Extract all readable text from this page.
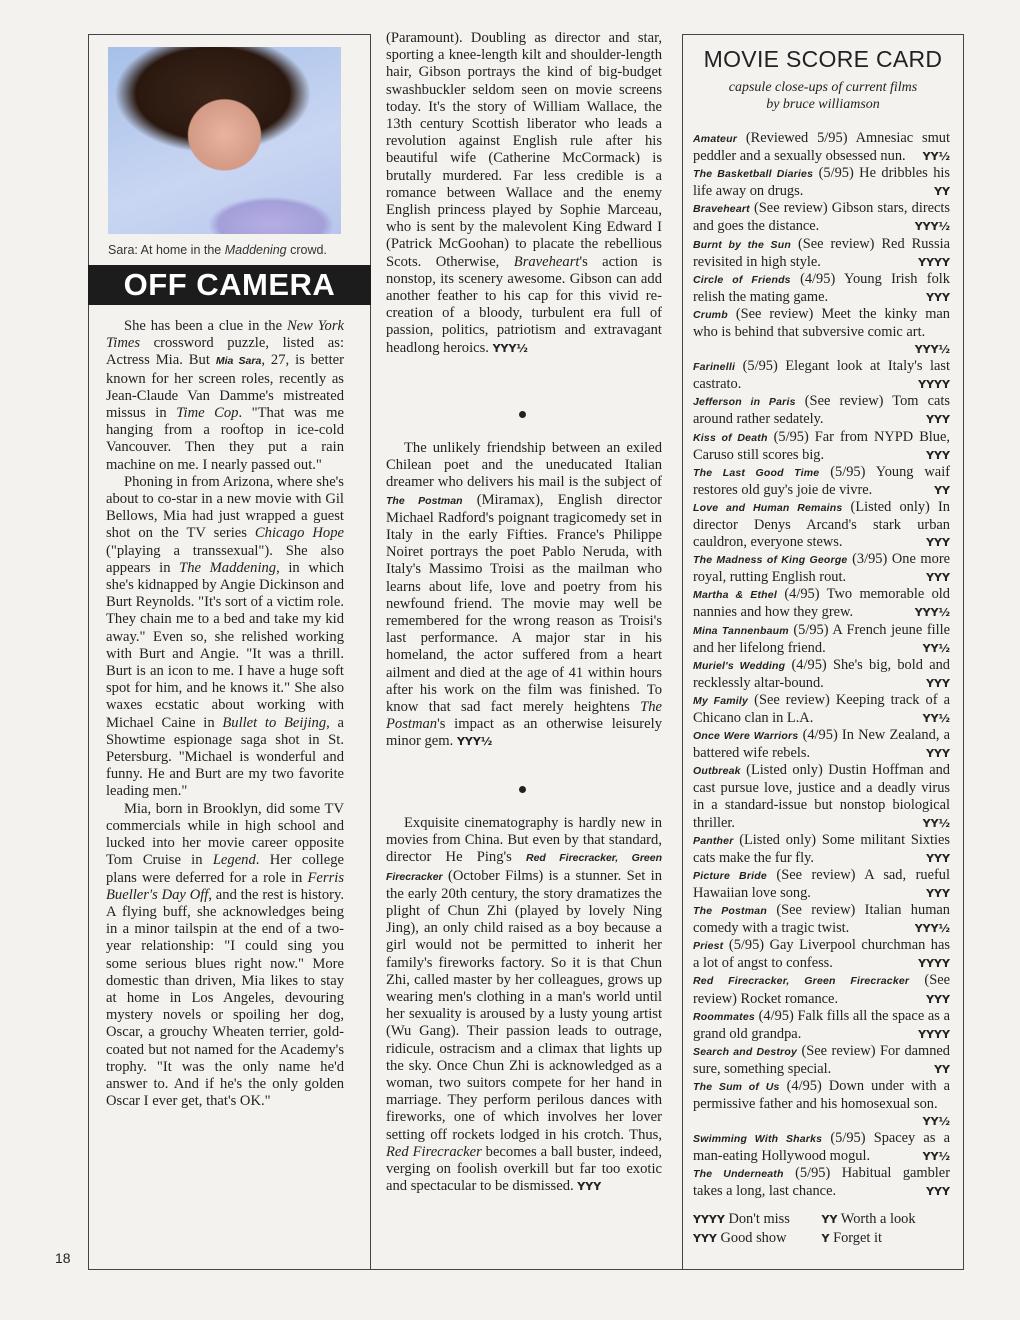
Sara: At home in the Maddening crowd.
OFF CAMERA

She has been a clue in the New York Times crossword puzzle, listed as: Actress Mia. But Mia Sara, 27, is better known for her screen roles, recently as Jean-Claude Van Damme's mistreated missus in Time Cop. "That was me hanging from a rooftop in ice-cold Vancouver. Then they put a rain machine on me. I nearly passed out."

Phoning in from Arizona, where she's about to co-star in a new movie with Gil Bellows, Mia had just wrapped a guest shot on the TV series Chicago Hope ("playing a transsexual"). She also appears in The Maddening, in which she's kidnapped by Angie Dickinson and Burt Reynolds. "It's sort of a victim role. They chain me to a bed and take my kid away." Even so, she relished working with Burt and Angie. "It was a thrill. Burt is an icon to me. I have a huge soft spot for him, and he knows it." She also waxes ecstatic about working with Michael Caine in Bullet to Beijing, a Showtime espionage saga shot in St. Petersburg. "Michael is wonderful and funny. He and Burt are my two favorite leading men."

Mia, born in Brooklyn, did some TV commercials while in high school and lucked into her movie career opposite Tom Cruise in Legend. Her college plans were deferred for a role in Ferris Bueller's Day Off, and the rest is history. A flying buff, she acknowledges being in a minor tailspin at the end of a two-year relationship: "I could sing you some serious blues right now." More domestic than driven, Mia likes to stay at home in Los Angeles, devouring mystery novels or spoiling her dog, Oscar, a grouchy Wheaten terrier, gold-coated but not named for the Academy's trophy. "It was the only name he'd answer to. And if he's the only golden Oscar I ever get, that's OK."

(Paramount). Doubling as director and star, sporting a knee-length kilt and shoulder-length hair, Gibson portrays the kind of big-budget swashbuckler seldom seen on movie screens today. It's the story of William Wallace, the 13th century Scottish liberator who leads a revolution against English rule after his beautiful wife (Catherine McCormack) is brutally murdered. Far less credible is a romance between Wallace and the enemy English princess played by Sophie Marceau, who is sent by the malevolent King Edward I (Patrick McGoohan) to placate the rebellious Scots. Otherwise, Braveheart's action is nonstop, its scenery awesome. Gibson can add another feather to his cap for this vivid re-creation of a bloody, turbulent era full of passion, politics, patriotism and extravagant headlong heroics. YYY½

The unlikely friendship between an exiled Chilean poet and the uneducated Italian dreamer who delivers his mail is the subject of The Postman (Miramax), English director Michael Radford's poignant tragicomedy set in Italy in the early Fifties. France's Philippe Noiret portrays the poet Pablo Neruda, with Italy's Massimo Troisi as the mailman who learns about life, love and poetry from his newfound friend. The movie may well be remembered for the wrong reason as Troisi's last performance. A major star in his homeland, the actor suffered from a heart ailment and died at the age of 41 within hours after his work on the film was finished. To know that sad fact merely heightens The Postman's impact as an otherwise leisurely minor gem. YYY½

Exquisite cinematography is hardly new in movies from China. But even by that standard, director He Ping's Red Firecracker, Green Firecracker (October Films) is a stunner. Set in the early 20th century, the story dramatizes the plight of Chun Zhi (played by lovely Ning Jing), an only child raised as a boy because a girl would not be permitted to inherit her family's fireworks factory. So it is that Chun Zhi, called master by her colleagues, grows up wearing men's clothing in a man's world until her sexuality is aroused by a lusty young artist (Wu Gang). Their passion leads to outrage, ridicule, ostracism and a climax that lights up the sky. Once Chun Zhi is acknowledged as a woman, two suitors compete for her hand in marriage. They perform perilous dances with fireworks, one of which involves her lover setting off rockets lodged in his crotch. Thus, Red Firecracker becomes a ball buster, indeed, verging on foolish overkill but far too exotic and spectacular to be dismissed. YYY

MOVIE SCORE CARD
capsule close-ups of current films
by bruce williamson

Amateur (Reviewed 5/95) Amnesiac smut peddler and a sexually obsessed nun. YY½

The Basketball Diaries (5/95) He dribbles his life away on drugs.	YY

Braveheart (See review) Gibson stars, directs and goes the distance.	YYY½

Burnt by the Sun (See review) Red Russia revisited in high style.	YYYY

Circle of Friends (4/95) Young Irish folk relish the mating game.	YYY

Crumb (See review) Meet the kinky man who is behind that subversive comic art.
YYY½

Farinelli (5/95) Elegant look at Italy's last castrato.	YYYY

Jefferson in Paris (See review) Tom cats around rather sedately.	YYY

Kiss of Death (5/95) Far from NYPD Blue, Caruso still scores big.	YYY

The Last Good Time (5/95) Young waif restores old guy's joie de vivre.	YY

Love and Human Remains (Listed only) In director Denys Arcand's stark urban cauldron, everyone stews.	YYY

The Madness of King George (3/95) One more royal, rutting English rout.	YYY

Martha & Ethel (4/95) Two memorable old nannies and how they grew.	YYY½

Mina Tannenbaum (5/95) A French jeune fille and her lifelong friend.	YY½

Muriel's Wedding (4/95) She's big, bold and recklessly altar-bound.	YYY

My Family (See review) Keeping track of a Chicano clan in L.A.	YY½

Once Were Warriors (4/95) In New Zealand, a battered wife rebels.	YYY

Outbreak (Listed only) Dustin Hoffman and cast pursue love, justice and a deadly virus in a standard-issue but nonstop biological thriller.	YY½

Panther (Listed only) Some militant Sixties cats make the fur fly.	YYY

Picture Bride (See review) A sad, rueful Hawaiian love song.	YYY

The Postman (See review) Italian human comedy with a tragic twist.	YYY½

Priest (5/95) Gay Liverpool churchman has a lot of angst to confess.	YYYY

Red Firecracker, Green Firecracker (See review) Rocket romance.	YYY

Roommates (4/95) Falk fills all the space as a grand old grandpa.	YYYY

Search and Destroy (See review) For damned sure, something special.	YY

The Sum of Us (4/95) Down under with a permissive father and his homosexual son.
YY½

Swimming With Sharks (5/95) Spacey as a man-eating Hollywood mogul.	YY½

The Underneath (5/95) Habitual gambler takes a long, last chance.	YYY

YYYY Don't miss	YY Worth a look
YYY Good show	Y Forget it
18
